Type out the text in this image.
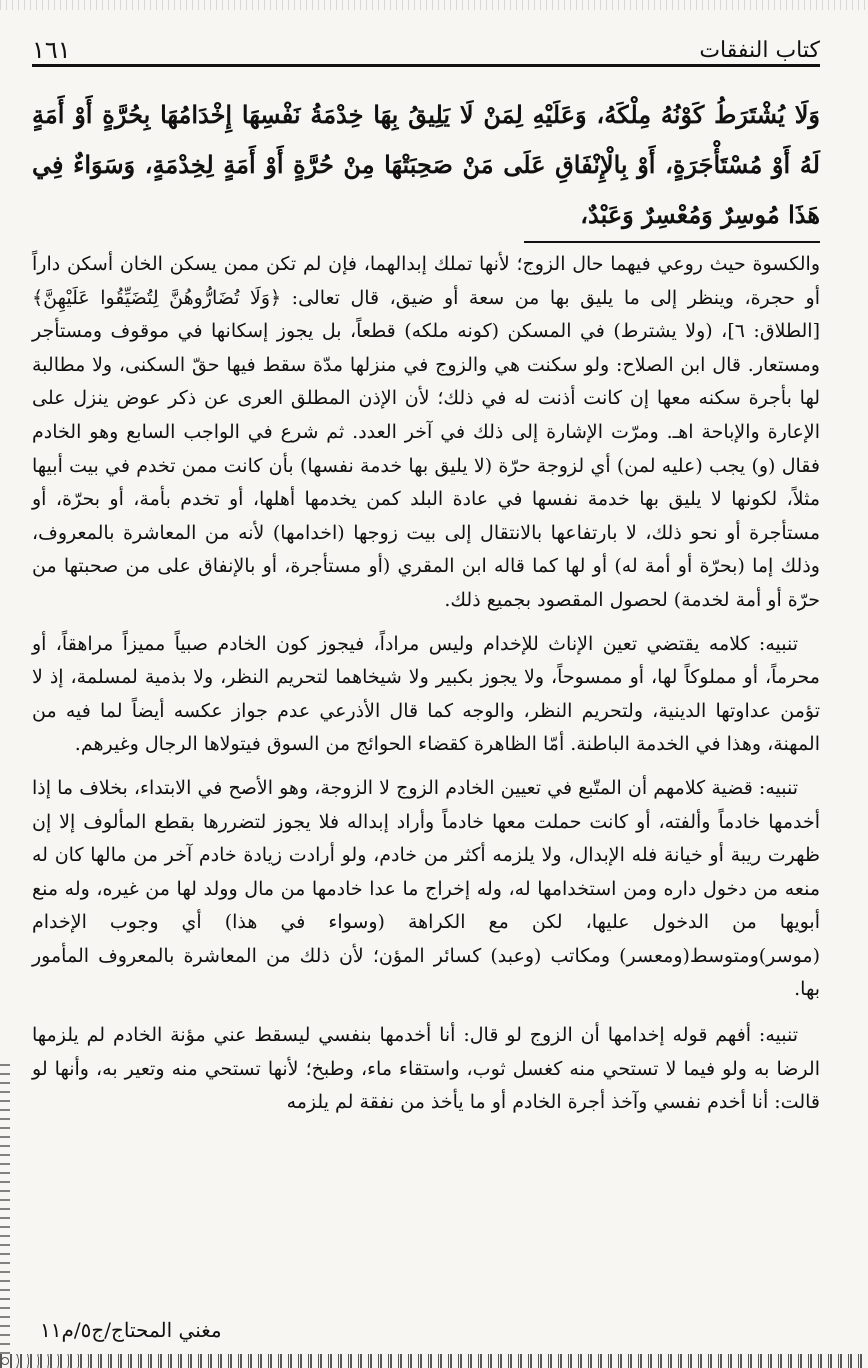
كتاب النفقات
١٦١

وَلَا يُشْتَرَطُ كَوْنُهُ مِلْكَهُ، وَعَلَيْهِ لِمَنْ لَا يَلِيقُ بِهَا خِدْمَةُ نَفْسِهَا إِخْدَامُهَا بِحُرَّةٍ أَوْ أَمَةٍ لَهُ أَوْ مُسْتَأْجَرَةٍ، أَوْ بِالْإِنْفَاقِ عَلَى مَنْ صَحِبَتْهَا مِنْ حُرَّةٍ أَوْ أَمَةٍ لِخِدْمَةٍ، وَسَوَاءٌ فِي هَذَا مُوسِرٌ وَمُعْسِرٌ وَعَبْدٌ،

والكسوة حيث روعي فيهما حال الزوج؛ لأنها تملك إبدالهما، فإن لم تكن ممن يسكن الخان أسكن داراً أو حجرة، وينظر إلى ما يليق بها من سعة أو ضيق، قال تعالى: ﴿وَلَا تُضَارُّوهُنَّ لِتُضَيِّقُوا عَلَيْهِنَّ﴾ [الطلاق: ٦]، (ولا يشترط) في المسكن (كونه ملكه) قطعاً، بل يجوز إسكانها في موقوف ومستأجر ومستعار. قال ابن الصلاح: ولو سكنت هي والزوج في منزلها مدّة سقط فيها حقّ السكنى، ولا مطالبة لها بأجرة سكنه معها إن كانت أذنت له في ذلك؛ لأن الإذن المطلق العرى عن ذكر عوض ينزل على الإعارة والإباحة اهـ. ومرّت الإشارة إلى ذلك في آخر العدد. ثم شرع في الواجب السابع وهو الخادم فقال (و) يجب (عليه لمن) أي لزوجة حرّة (لا يليق بها خدمة نفسها) بأن كانت ممن تخدم في بيت أبيها مثلاً، لكونها لا يليق بها خدمة نفسها في عادة البلد كمن يخدمها أهلها، أو تخدم بأمة، أو بحرّة، أو مستأجرة أو نحو ذلك، لا بارتفاعها بالانتقال إلى بيت زوجها (اخدامها) لأنه من المعاشرة بالمعروف، وذلك إما (بحرّة أو أمة له) أو لها كما قاله ابن المقري (أو مستأجرة، أو بالإنفاق على من صحبتها من حرّة أو أمة لخدمة) لحصول المقصود بجميع ذلك.

تنبيه: كلامه يقتضي تعين الإناث للإخدام وليس مراداً، فيجوز كون الخادم صبياً مميزاً مراهقاً، أو محرماً، أو مملوكاً لها، أو ممسوحاً، ولا يجوز بكبير ولا شيخاهما لتحريم النظر، ولا بذمية لمسلمة، إذ لا تؤمن عداوتها الدينية، ولتحريم النظر، والوجه كما قال الأذرعي عدم جواز عكسه أيضاً لما فيه من المهنة، وهذا في الخدمة الباطنة. أمّا الظاهرة كقضاء الحوائج من السوق فيتولاها الرجال وغيرهم.

تنبيه: قضية كلامهم أن المتّبع في تعيين الخادم الزوج لا الزوجة، وهو الأصح في الابتداء، بخلاف ما إذا أخدمها خادماً وألفته، أو كانت حملت معها خادماً وأراد إبداله فلا يجوز لتضررها بقطع المألوف إلا إن ظهرت ريبة أو خيانة فله الإبدال، ولا يلزمه أكثر من خادم، ولو أرادت زيادة خادم آخر من مالها كان له منعه من دخول داره ومن استخدامها له، وله إخراج ما عدا خادمها من مال وولد لها من غيره، وله منع أبويها من الدخول عليها، لكن مع الكراهة (وسواء في هذا) أي وجوب الإخدام (موسر)ومتوسط(ومعسر) ومكاتب (وعبد) كسائر المؤن؛ لأن ذلك من المعاشرة بالمعروف المأمور بها.

تنبيه: أفهم قوله إخدامها أن الزوج لو قال: أنا أخدمها بنفسي ليسقط عني مؤنة الخادم لم يلزمها الرضا به ولو فيما لا تستحي منه كغسل ثوب، واستقاء ماء، وطبخ؛ لأنها تستحي منه وتعير به، وأنها لو قالت: أنا أخدم نفسي وآخذ أجرة الخادم أو ما يأخذ من نفقة لم يلزمه

مغني المحتاج/ج٥/م١١
